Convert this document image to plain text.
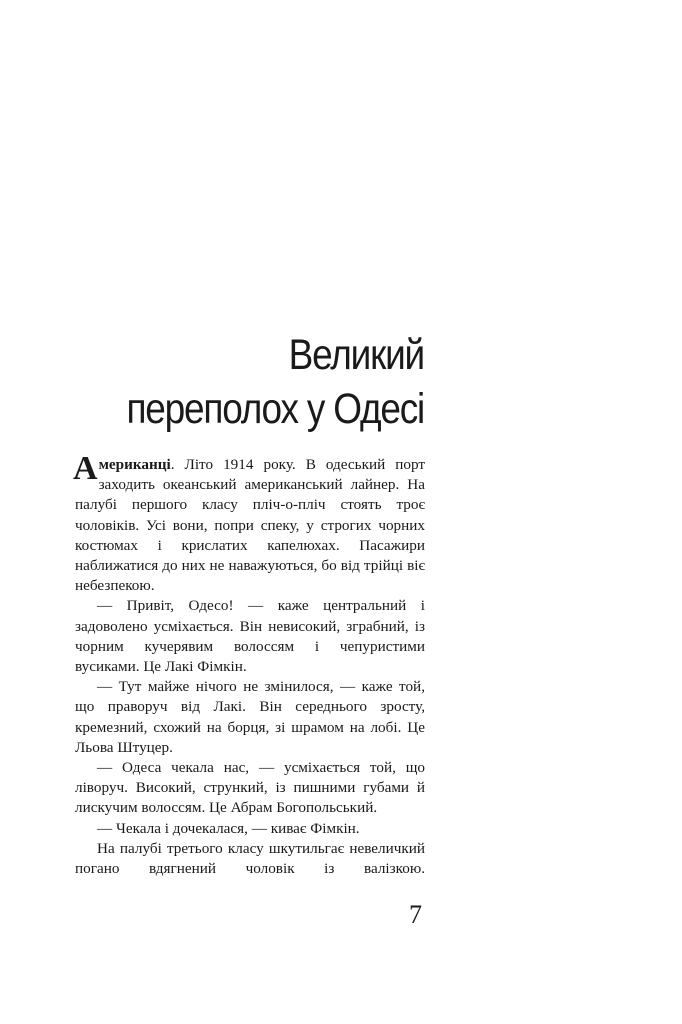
Великий
переполох у Одесі

Американці. Літо 1914 року. В одеський порт заходить океанський американський лайнер. На палубі першого класу пліч-о-пліч стоять троє чоловіків. Усі вони, попри спеку, у строгих чорних костюмах і крислатих капелюхах. Пасажири наближатися до них не наважуються, бо від трійці віє небезпекою.

— Привіт, Одесо! — каже центральний і задоволено усміхається. Він невисокий, зграбний, із чорним кучерявим волоссям і чепуристими вусиками. Це Лакі Фімкін.

— Тут майже нічого не змінилося, — каже той, що праворуч від Лакі. Він середнього зросту, кремезний, схожий на борця, зі шрамом на лобі. Це Льова Штуцер.

— Одеса чекала нас, — усміхається той, що ліворуч. Високий, стрункий, із пишними губами й лискучим волоссям. Це Абрам Богопольський.

— Чекала і дочекалася, — киває Фімкін.

На палубі третього класу шкутильгає невеличкий погано вдягнений чоловік із валізкою.

7
